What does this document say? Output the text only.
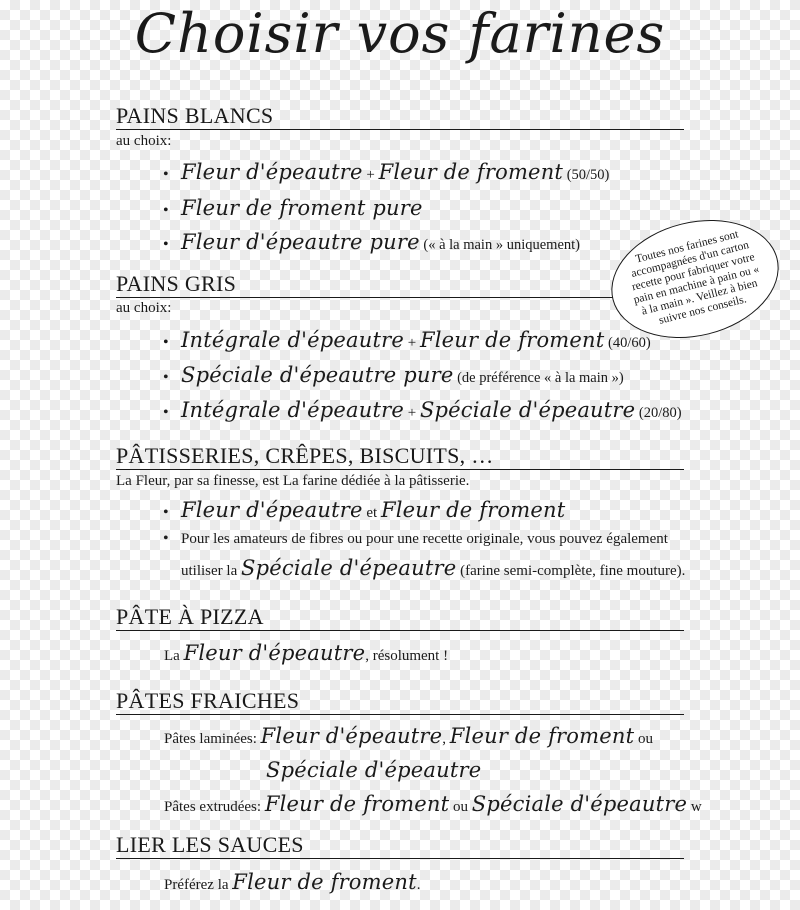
Choisir vos farines
PAINS BLANCS
au choix:
• Fleur d'épeautre + Fleur de froment (50/50)
• Fleur de froment pure
• Fleur d'épeautre pure (« à la main » uniquement)
PAINS GRIS
au choix:
• Intégrale d'épeautre + Fleur de froment (40/60)
• Spéciale d'épeautre pure (de préférence « à la main »)
• Intégrale d'épeautre + Spéciale d'épeautre (20/80)
PÂTISSERIES, CRÊPES, BISCUITS, …
La Fleur, par sa finesse, est La farine dédiée à la pâtisserie.
• Fleur d'épeautre et Fleur de froment
• Pour les amateurs de fibres ou pour une recette originale, vous pouvez également
utiliser la Spéciale d'épeautre (farine semi-complète, fine mouture).
PÂTE À PIZZA
La Fleur d'épeautre, résolument !
PÂTES FRAICHES
Pâtes laminées: Fleur d'épeautre, Fleur de froment ou
Spéciale d'épeautre
Pâtes extrudées: Fleur de froment ou Spéciale d'épeautre w
LIER LES SAUCES
Préférez la Fleur de froment.
Toutes nos farines sont accompagnées d'un carton recette pour fabriquer votre pain en machine à pain ou « à la main ». Veillez à bien suivre nos conseils.
